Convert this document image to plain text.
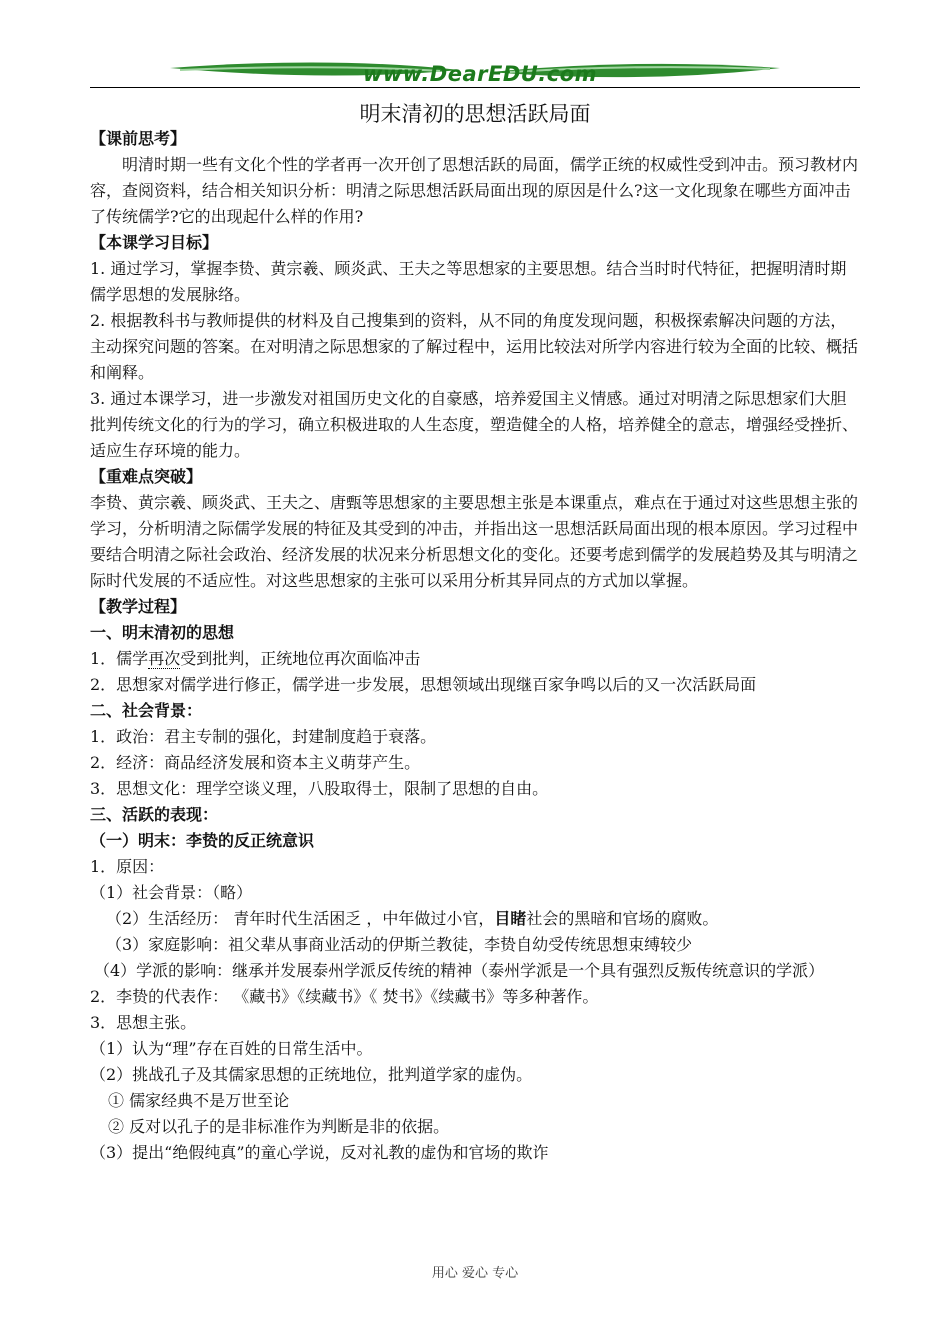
www.DearEDU.com
明末清初的思想活跃局面

【课前思考】

明清时期一些有文化个性的学者再一次开创了思想活跃的局面，儒学正统的权威性受到冲击。预习教材内容，查阅资料，结合相关知识分析：明清之际思想活跃局面出现的原因是什么?这一文化现象在哪些方面冲击了传统儒学?它的出现起什么样的作用?

【本课学习目标】

1. 通过学习，掌握李贽、黄宗羲、顾炎武、王夫之等思想家的主要思想。结合当时时代特征，把握明清时期儒学思想的发展脉络。

2. 根据教科书与教师提供的材料及自己搜集到的资料，从不同的角度发现问题，积极探索解决问题的方法，主动探究问题的答案。在对明清之际思想家的了解过程中，运用比较法对所学内容进行较为全面的比较、概括和阐释。

3. 通过本课学习，进一步激发对祖国历史文化的自豪感，培养爱国主义情感。通过对明清之际思想家们大胆批判传统文化的行为的学习，确立积极进取的人生态度，塑造健全的人格，培养健全的意志，增强经受挫折、适应生存环境的能力。

【重难点突破】

李贽、黄宗羲、顾炎武、王夫之、唐甄等思想家的主要思想主张是本课重点，难点在于通过对这些思想主张的学习，分析明清之际儒学发展的特征及其受到的冲击，并指出这一思想活跃局面出现的根本原因。学习过程中要结合明清之际社会政治、经济发展的状况来分析思想文化的变化。还要考虑到儒学的发展趋势及其与明清之际时代发展的不适应性。对这些思想家的主张可以采用分析其异同点的方式加以掌握。

【教学过程】

一、明末清初的思想

1．儒学再次受到批判，正统地位再次面临冲击

2．思想家对儒学进行修正，儒学进一步发展，思想领域出现继百家争鸣以后的又一次活跃局面

二、社会背景：

1．政治：君主专制的强化，封建制度趋于衰落。

2．经济：商品经济发展和资本主义萌芽产生。

3．思想文化：理学空谈义理，八股取得士，限制了思想的自由。

三、活跃的表现：

（一）明末：李贽的反正统意识

1．原因：

（1）社会背景：（略）

（2）生活经历： 青年时代生活困乏 ，中年做过小官，目睹社会的黑暗和官场的腐败。

（3）家庭影响：祖父辈从事商业活动的伊斯兰教徒，李贽自幼受传统思想束缚较少

（4）学派的影响：继承并发展泰州学派反传统的精神（泰州学派是一个具有强烈反叛传统意识的学派）

2．李贽的代表作： 《藏书》《续藏书》《 焚书》《续藏书》等多种著作。

3．思想主张。

（1）认为“理”存在百姓的日常生活中。

（2）挑战孔子及其儒家思想的正统地位，批判道学家的虚伪。

① 儒家经典不是万世至论

② 反对以孔子的是非标准作为判断是非的依据。

（3）提出“绝假纯真”的童心学说，反对礼教的虚伪和官场的欺诈

用心 爱心 专心
